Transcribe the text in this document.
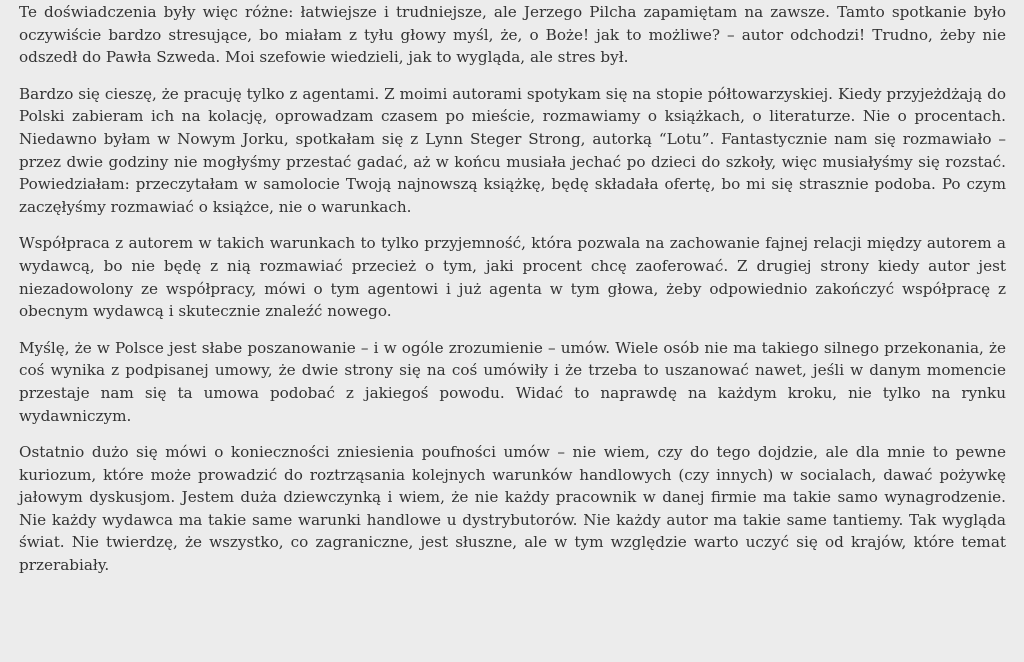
Te doświadczenia były więc różne: łatwiejsze i trudniejsze, ale Jerzego Pilcha zapamiętam na zawsze. Tamto spotkanie było oczywiście bardzo stresujące, bo miałam z tyłu głowy myśl, że, o Boże! jak to możliwe? – autor odchodzi! Trudno, żeby nie odszedł do Pawła Szweda. Moi szefowie wiedzieli, jak to wygląda, ale stres był.

Bardzo się cieszę, że pracuję tylko z agentami. Z moimi autorami spotykam się na stopie półtowarzyskiej. Kiedy przyjeżdżają do Polski zabieram ich na kolację, oprowadzam czasem po mieście, rozmawiamy o książkach, o literaturze. Nie o procentach. Niedawno byłam w Nowym Jorku, spotkałam się z Lynn Steger Strong, autorką “Lotu”. Fantastycznie nam się rozmawiało – przez dwie godziny nie mogłyśmy przestać gadać, aż w końcu musiała jechać po dzieci do szkoły, więc musiałyśmy się rozstać. Powiedziałam: przeczytałam w samolocie Twoją najnowszą książkę, będę składała ofertę, bo mi się strasznie podoba. Po czym zaczęłyśmy rozmawiać o książce, nie o warunkach.

Współpraca z autorem w takich warunkach to tylko przyjemność, która pozwala na zachowanie fajnej relacji między autorem a wydawcą, bo nie będę z nią rozmawiać przecież o tym, jaki procent chcę zaoferować. Z drugiej strony kiedy autor jest niezadowolony ze współpracy, mówi o tym agentowi i już agenta w tym głowa, żeby odpowiednio zakończyć współpracę z obecnym wydawcą i skutecznie znaleźć nowego.

Myślę, że w Polsce jest słabe poszanowanie – i w ogóle zrozumienie – umów. Wiele osób nie ma takiego silnego przekonania, że coś wynika z podpisanej umowy, że dwie strony się na coś umówiły i że trzeba to uszanować nawet, jeśli w danym momencie przestaje nam się ta umowa podobać z jakiegoś powodu. Widać to naprawdę na każdym kroku, nie tylko na rynku wydawniczym.

Ostatnio dużo się mówi o konieczności zniesienia poufności umów – nie wiem, czy do tego dojdzie, ale dla mnie to pewne kuriozum, które może prowadzić do roztrząsania kolejnych warunków handlowych (czy innych) w socialach, dawać pożywkę jałowym dyskusjom. Jestem duża dziewczynką i wiem, że nie każdy pracownik w danej firmie ma takie samo wynagrodzenie. Nie każdy wydawca ma takie same warunki handlowe u dystrybutorów. Nie każdy autor ma takie same tantiemy. Tak wygląda świat. Nie twierdzę, że wszystko, co zagraniczne, jest słuszne, ale w tym względzie warto uczyć się od krajów, które temat przerabiały.
